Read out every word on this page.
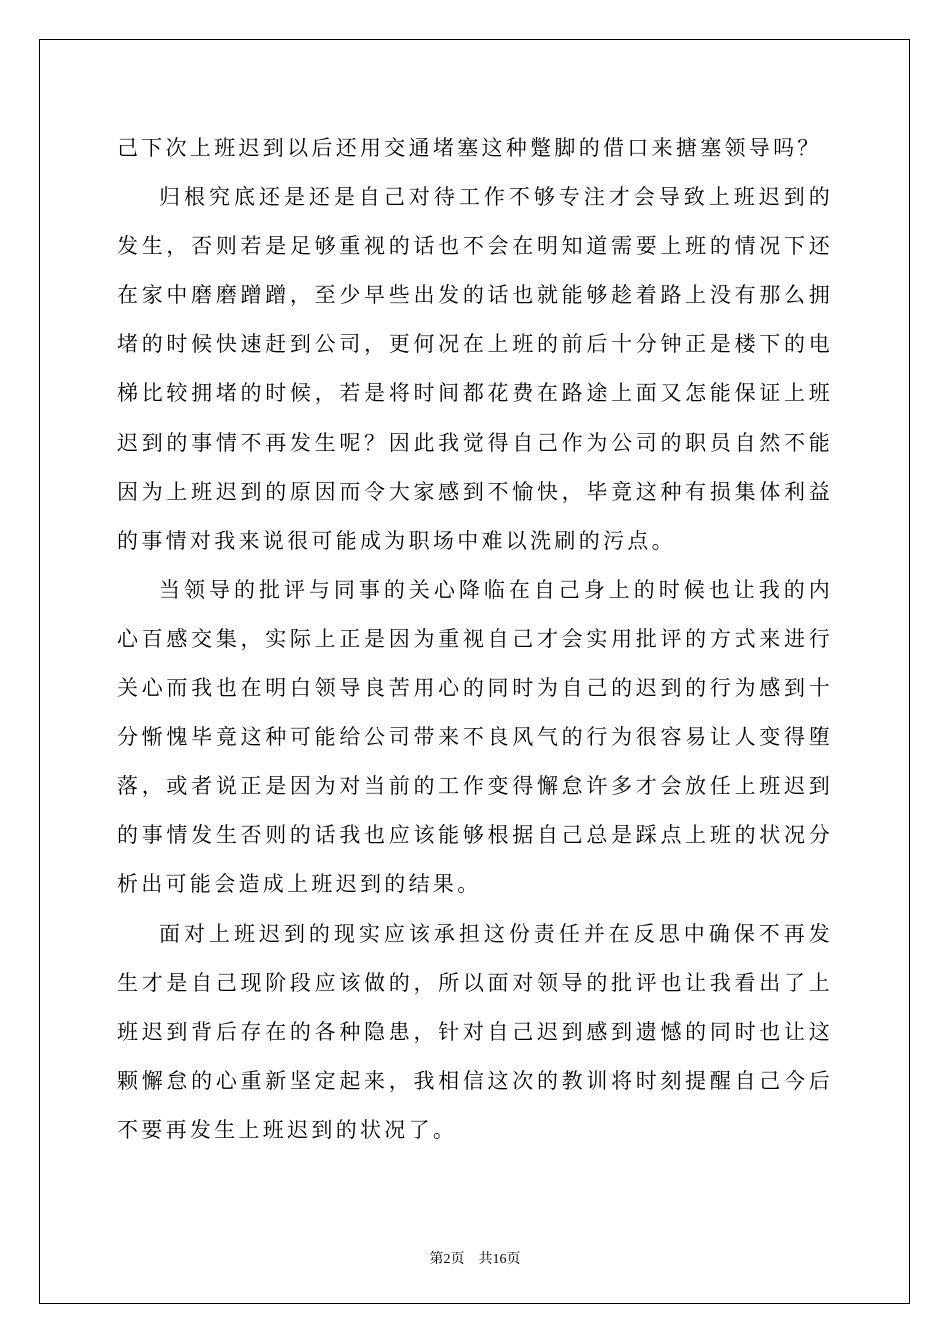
己下次上班迟到以后还用交通堵塞这种蹩脚的借口来搪塞领导吗？

归根究底还是还是自己对待工作不够专注才会导致上班迟到的发生，否则若是足够重视的话也不会在明知道需要上班的情况下还在家中磨磨蹭蹭，至少早些出发的话也就能够趁着路上没有那么拥堵的时候快速赶到公司，更何况在上班的前后十分钟正是楼下的电梯比较拥堵的时候，若是将时间都花费在路途上面又怎能保证上班迟到的事情不再发生呢？因此我觉得自己作为公司的职员自然不能因为上班迟到的原因而令大家感到不愉快，毕竟这种有损集体利益的事情对我来说很可能成为职场中难以洗刷的污点。

当领导的批评与同事的关心降临在自己身上的时候也让我的内心百感交集，实际上正是因为重视自己才会实用批评的方式来进行关心而我也在明白领导良苦用心的同时为自己的迟到的行为感到十分惭愧毕竟这种可能给公司带来不良风气的行为很容易让人变得堕落，或者说正是因为对当前的工作变得懈怠许多才会放任上班迟到的事情发生否则的话我也应该能够根据自己总是踩点上班的状况分析出可能会造成上班迟到的结果。

面对上班迟到的现实应该承担这份责任并在反思中确保不再发生才是自己现阶段应该做的，所以面对领导的批评也让我看出了上班迟到背后存在的各种隐患，针对自己迟到感到遗憾的同时也让这颗懈怠的心重新坚定起来，我相信这次的教训将时刻提醒自己今后不要再发生上班迟到的状况了。

第2页 共16页
